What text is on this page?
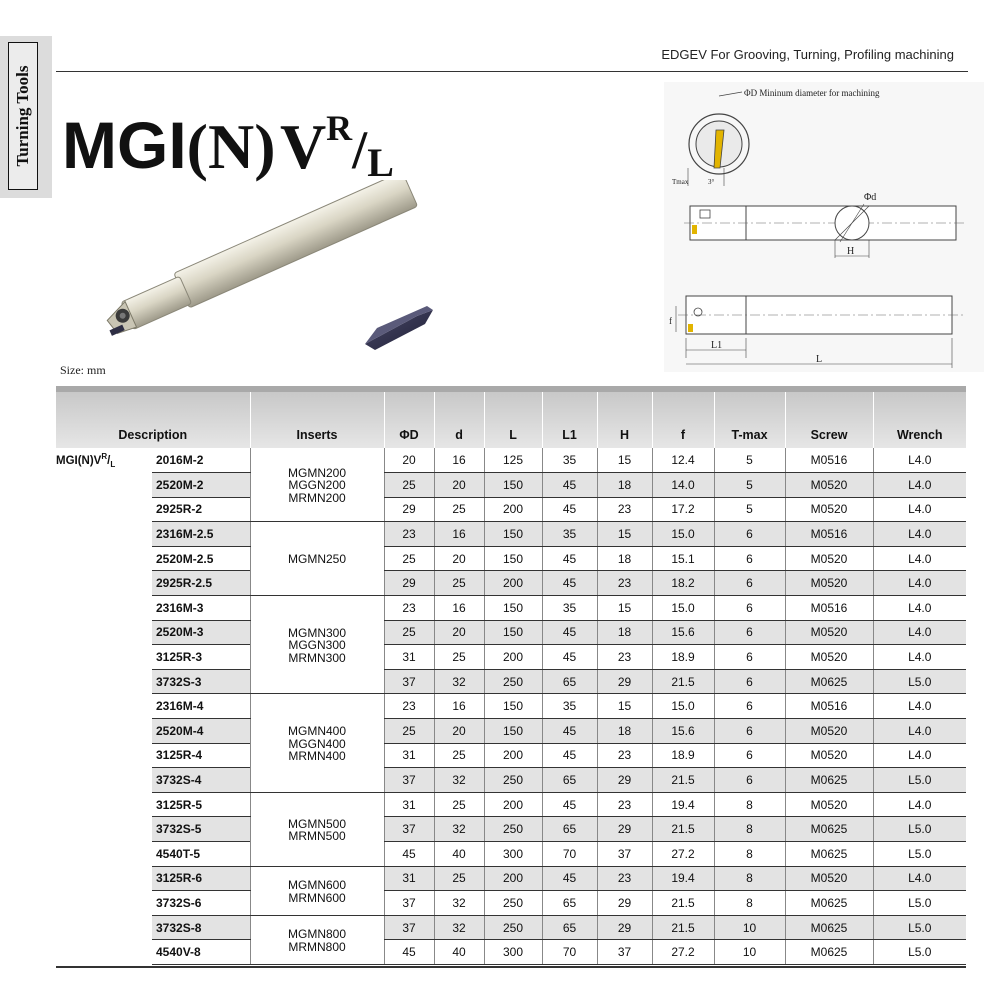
Turning Tools
EDGEV For Grooving, Turning, Profiling machining
MGI(N) VR/L
ΦD Mininum diameter for machining
Tmax	3°
H
Φd
f
L1
L
Size: mm
Description		Inserts	ΦD	d	L	L1	H	f	T-max	Screw	Wrench
$MGI(N)V^R/_L$	2016M-2	MGMN200
MGGN200
MRMN200	20	16	125	35	15	12.4	5	M0516	L4.0
	2520M-2		25	20	150	45	18	14.0	5	M0520	L4.0
	2925R-2		29	25	200	45	23	17.2	5	M0520	L4.0
	2316M-2.5	MGMN250	23	16	150	35	15	15.0	6	M0516	L4.0
	2520M-2.5		25	20	150	45	18	15.1	6	M0520	L4.0
	2925R-2.5		29	25	200	45	23	18.2	6	M0520	L4.0
	2316M-3	MGMN300
MGGN300
MRMN300	23	16	150	35	15	15.0	6	M0516	L4.0
	2520M-3		25	20	150	45	18	15.6	6	M0520	L4.0
	3125R-3		31	25	200	45	23	18.9	6	M0520	L4.0
	3732S-3		37	32	250	65	29	21.5	6	M0625	L5.0
	2316M-4	MGMN400
MGGN400
MRMN400	23	16	150	35	15	15.0	6	M0516	L4.0
	2520M-4		25	20	150	45	18	15.6	6	M0520	L4.0
	3125R-4		31	25	200	45	23	18.9	6	M0520	L4.0
	3732S-4		37	32	250	65	29	21.5	6	M0625	L5.0
	3125R-5	MGMN500
MRMN500	31	25	200	45	23	19.4	8	M0520	L4.0
	3732S-5		37	32	250	65	29	21.5	8	M0625	L5.0
	4540T-5		45	40	300	70	37	27.2	8	M0625	L5.0
	3125R-6	MGMN600
MRMN600	31	25	200	45	23	19.4	8	M0520	L4.0
	3732S-6		37	32	250	65	29	21.5	8	M0625	L5.0
	3732S-8	MGMN800
MRMN800	37	32	250	65	29	21.5	10	M0625	L5.0
	4540V-8		45	40	300	70	37	27.2	10	M0625	L5.0
